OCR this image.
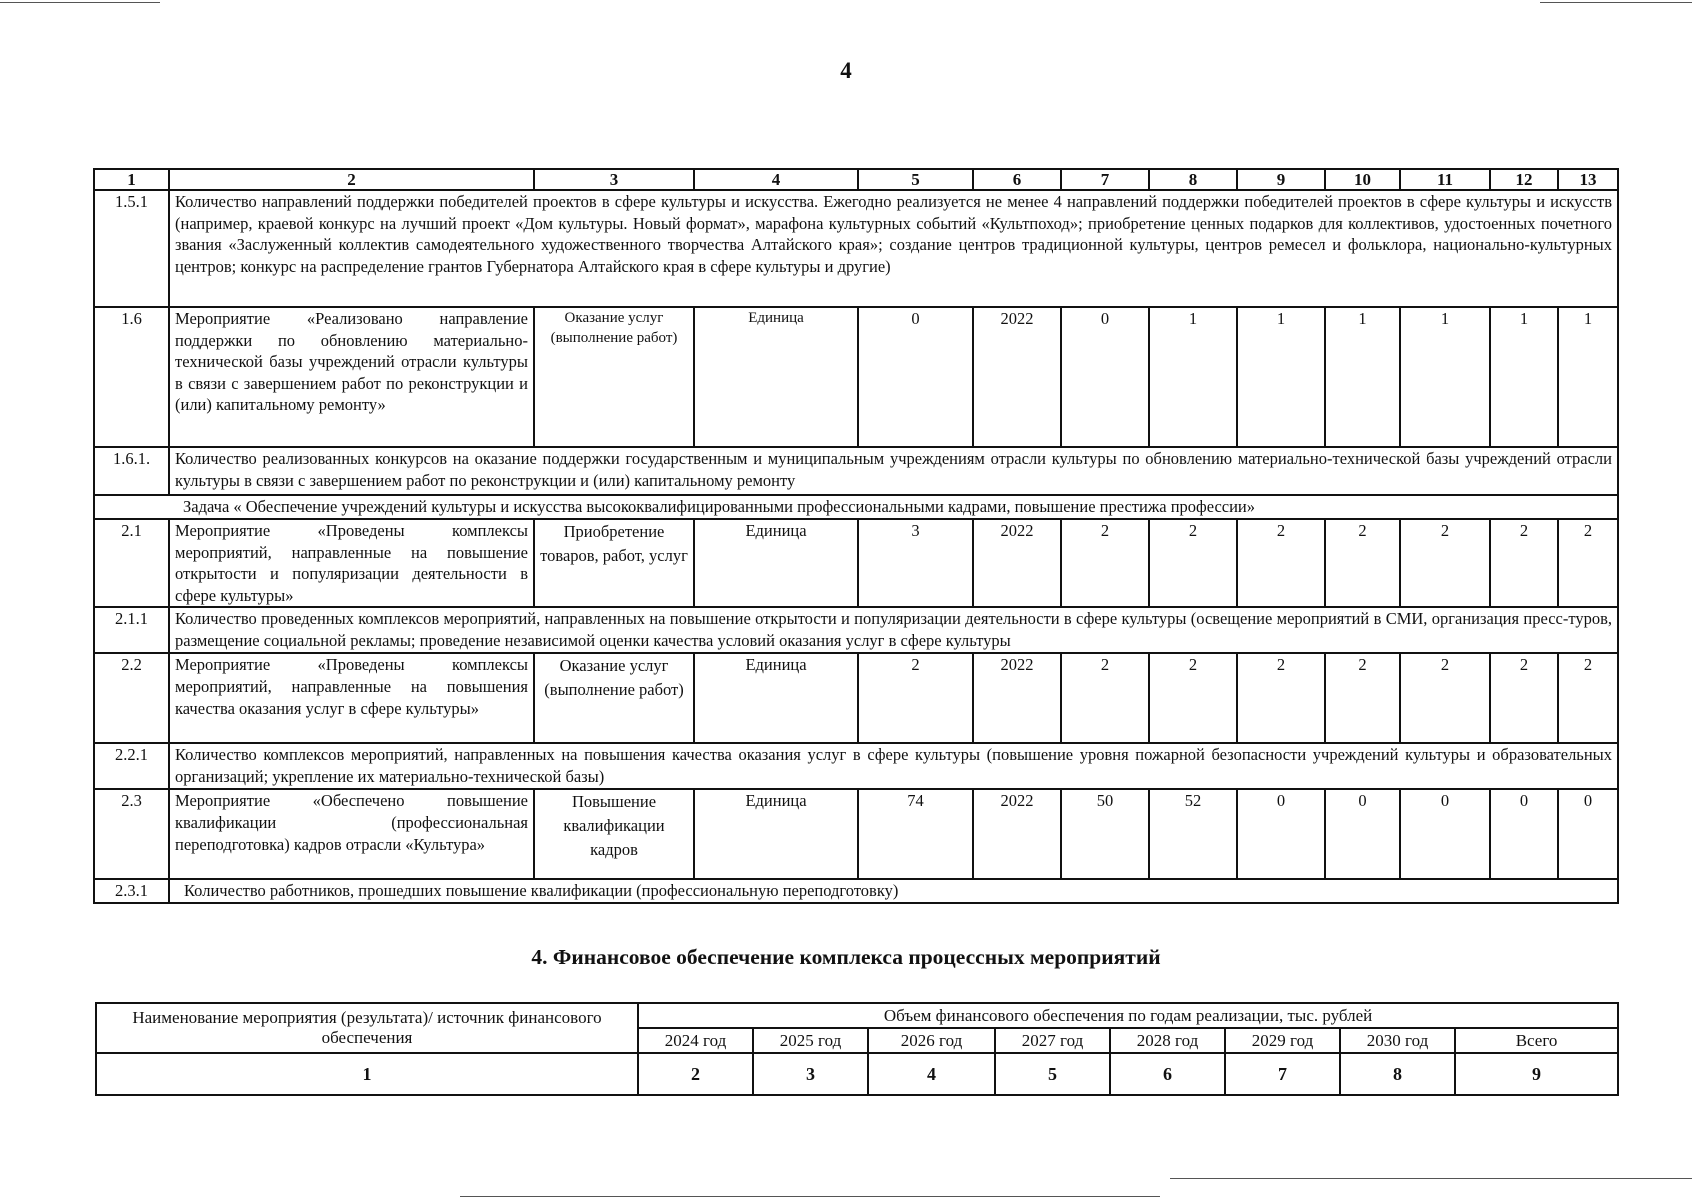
4
1	2	3	4	5	6	7	8	9	10	11	12	13
1.5.1	Количество направлений поддержки победителей проектов в сфере культуры и искусства. Ежегодно реализуется не менее 4 направлений поддержки победителей проектов в сфере культуры и искусств (например, краевой конкурс на лучший проект «Дом культуры. Новый формат», марафона культурных событий «Культпоход»; приобретение ценных подарков для коллективов, удостоенных почетного звания «Заслуженный коллектив самодеятельного художественного творчества Алтайского края»; создание центров традиционной культуры, центров ремесел и фольклора, национально-культурных центров; конкурс на распределение грантов Губернатора Алтайского края в сфере культуры и другие)											
1.6	Мероприятие «Реализовано направление поддержки по обновлению материально-технической базы учреждений отрасли культуры в связи с завершением работ по реконструкции и (или) капитальному ремонту»	Оказание услуг (выполнение работ)	Единица	0	2022	0	1	1	1	1	1	1
1.6.1.	Количество реализованных конкурсов на оказание поддержки государственным и муниципальным учреждениям отрасли культуры по обновлению материально-технической базы учреждений отрасли культуры в связи с завершением работ по реконструкции и (или) капитальному ремонту											
	Задача « Обеспечение учреждений культуры и искусства высококвалифицированными профессиональными кадрами, повышение престижа профессии»											
2.1	Мероприятие «Проведены комплексы мероприятий, направленные на повышение открытости и популяризации деятельности в сфере культуры»	Приобретение товаров, работ, услуг	Единица	3	2022	2	2	2	2	2	2	2
2.1.1	Количество проведенных комплексов мероприятий, направленных на повышение открытости и популяризации деятельности в сфере культуры (освещение мероприятий в СМИ, организация пресс-туров, размещение социальной рекламы; проведение независимой оценки качества условий оказания услуг в сфере культуры											
2.2	Мероприятие «Проведены комплексы мероприятий, направленные на повышения качества оказания услуг в сфере культуры»	Оказание услуг (выполнение работ)	Единица	2	2022	2	2	2	2	2	2	2
2.2.1	Количество комплексов мероприятий, направленных на повышения качества оказания услуг в сфере культуры (повышение уровня пожарной безопасности учреждений культуры и образовательных организаций; укрепление их материально-технической базы)											
2.3	Мероприятие «Обеспечено повышение квалификации (профессиональная переподготовка) кадров отрасли «Культура»	Повышение квалификации кадров	Единица	74	2022	50	52	0	0	0	0	0
2.3.1	Количество работников, прошедших повышение квалификации (профессиональную переподготовку)											
4. Финансовое обеспечение комплекса процессных мероприятий
Наименование мероприятия (результата)/ источник финансового обеспечения	Объем финансового обеспечения по годам реализации, тыс. рублей							
	2024 год	2025 год	2026 год	2027 год	2028 год	2029 год	2030 год	Всего
1	2	3	4	5	6	7	8	9
